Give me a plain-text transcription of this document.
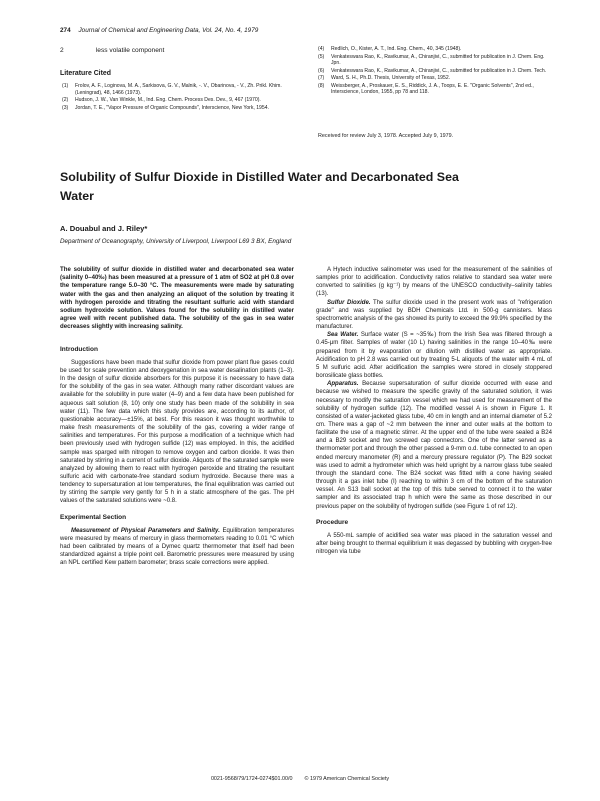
274 Journal of Chemical and Engineering Data, Vol. 24, No. 4, 1979
2	less volatile component
Literature Cited
(1)	Frolov, A. F., Loginova, M. A., Sarkisova, G. V., Malnik, -. V., Obarinova, - V., Zh. Prikl. Khim. (Leningrad), 48, 1466 (1973).
(2)	Hudson, J. W., Van Winkle, M., Ind. Eng. Chem. Process Des. Dev., 9, 467 (1970).
(3)	Jordan, T. E., "Vapor Pressure of Organic Compounds", Interscience, New York, 1954.
(4)	Redlich, O., Kister, A. T., Ind. Eng. Chem., 40, 345 (1948).
(5)	Venkateswara Rao, K., Ravikumar, A., Chiranjivi, C., submitted for publication in J. Chem. Eng. Jpn.
(6)	Venkateswara Rao, K., Ravikumar, A., Chiranjivi, C., submitted for publication in J. Chem. Tech.
(7)	Ward, S. H., Ph.D. Thesis, University of Texas, 1952.
(8)	Weissberger, A., Proskauer, E. S., Riddick, J. A., Toops, E. E. "Organic Solvents", 2nd ed., Interscience, London, 1955, pp 78 and 118.
Received for review July 3, 1978. Accepted July 9, 1979.
Solubility of Sulfur Dioxide in Distilled Water and Decarbonated Sea Water
A. Douabul and J. Riley*
Department of Oceanography, University of Liverpool, Liverpool L69 3 BX, England

The solubility of sulfur dioxide in distilled water and decarbonated sea water (salinity 0–40‰) has been measured at a pressure of 1 atm of SO2 at pH 0.8 over the temperature range 5.0–30 °C. The measurements were made by saturating water with the gas and then analyzing an aliquot of the solution by treating it with hydrogen peroxide and titrating the resultant sulfuric acid with standard sodium hydroxide solution. Values found for the solubility in distilled water agree well with recent published data. The solubility of the gas in sea water decreases slightly with increasing salinity.

Introduction

Suggestions have been made that sulfur dioxide from power plant flue gases could be used for scale prevention and deoxygenation in sea water desalination plants (1–3). In the design of sulfur dioxide absorbers for this purpose it is necessary to have data for the solubility of the gas in sea water. Although many rather discordant values are available for the solubility in pure water (4–9) and a few data have been published for aqueous salt solution (8, 10) only one study has been made of the solubility in sea water (11). The few data which this study provides are, according to its author, of questionable accuracy—±15%, at best. For this reason it was thought worthwhile to make fresh measurements of the solubility of the gas, covering a wider range of salinities and temperatures. For this purpose a modification of a technique which had been previously used with hydrogen sulfide (12) was employed. In this, the acidified sample was sparged with nitrogen to remove oxygen and carbon dioxide. It was then saturated by stirring in a current of sulfur dioxide. Aliquots of the saturated sample were analyzed by allowing them to react with hydrogen peroxide and titrating the resultant sulfuric acid with carbonate-free standard sodium hydroxide. Because there was a tendency to supersaturation at low temperatures, the final equilibration was carried out by stirring the sample very gently for 5 h in a static atmosphere of the gas. The pH values of the saturated solutions were ~0.8.

Experimental Section

Measurement of Physical Parameters and Salinity. Equilibration temperatures were measured by means of mercury in glass thermometers reading to 0.01 °C which had been calibrated by means of a Dymec quartz thermometer that itself had been standardized against a triple point cell. Barometric pressures were measured by using an NPL certified Kew pattern barometer; brass scale corrections were applied.

A Hytech inductive salinometer was used for the measurement of the salinities of samples prior to acidification. Conductivity ratios relative to standard sea water were converted to salinities (g kg⁻¹) by means of the UNESCO conductivity–salinity tables (13).

Sulfur Dioxide. The sulfur dioxide used in the present work was of "refrigeration grade" and was supplied by BDH Chemicals Ltd. in 500-g cannisters. Mass spectrometric analysis of the gas showed its purity to exceed the 99.9% specified by the manufacturer.

Sea Water. Surface water (S = ~35‰) from the Irish Sea was filtered through a 0.45-μm filter. Samples of water (10 L) having salinities in the range 10–40‰ were prepared from it by evaporation or dilution with distilled water as appropriate. Acidification to pH 2.8 was carried out by treating 5-L aliquots of the water with 4 mL of 5 M sulfuric acid. After acidification the samples were stored in closely stoppered borosilicate glass bottles.

Apparatus. Because supersaturation of sulfur dioxide occurred with ease and because we wished to measure the specific gravity of the saturated solution, it was necessary to modify the saturation vessel which we had used for measurement of the solubility of hydrogen sulfide (12). The modified vessel A is shown in Figure 1. It consisted of a water-jacketed glass tube, 40 cm in length and an internal diameter of 5.2 cm. There was a gap of ~2 mm between the inner and outer walls at the bottom to facilitate the use of a magnetic stirrer. At the upper end of the tube were sealed a B24 and a B29 socket and two screwed cap connectors. One of the latter served as a thermometer port and through the other passed a 9-mm o.d. tube connected to an open ended mercury manometer (R) and a mercury pressure regulator (P). The B29 socket was used to admit a hydrometer which was held upright by a narrow glass tube sealed through the standard cone. The B24 socket was fitted with a cone having sealed through it a gas inlet tube (I) reaching to within 3 cm of the bottom of the saturation vessel. An S13 ball socket at the top of this tube served to connect it to the water sampler and its associated trap h which were the same as those described in our previous paper on the solubility of hydrogen sulfide (see Figure 1 of ref 12).

Procedure

A 550-mL sample of acidified sea water was placed in the saturation vessel and after being brought to thermal equilibrium it was degassed by bubbling with oxygen-free nitrogen via tube

0021-9568/79/1724-0274$01.00/0 © 1979 American Chemical Society
